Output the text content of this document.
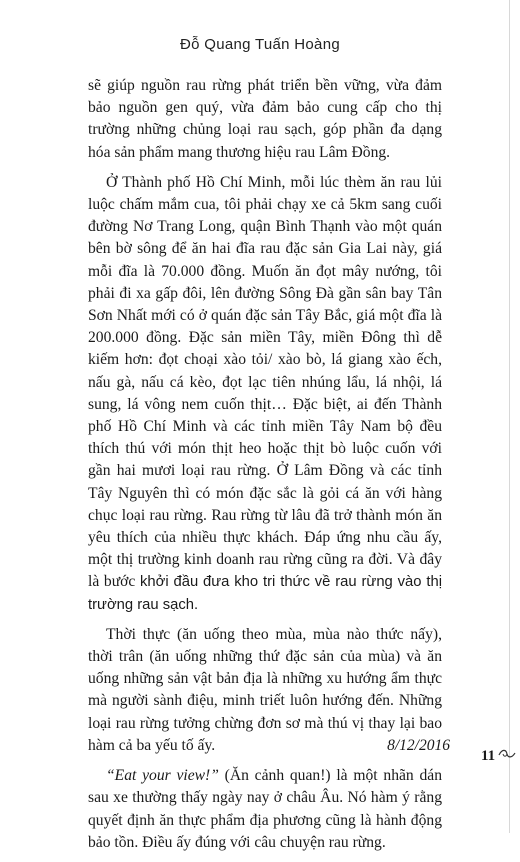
Đỗ Quang Tuấn Hoàng

sẽ giúp nguồn rau rừng phát triển bền vững, vừa đảm bảo nguồn gen quý, vừa đảm bảo cung cấp cho thị trường những chủng loại rau sạch, góp phần đa dạng hóa sản phẩm mang thương hiệu rau Lâm Đồng.

Ở Thành phố Hồ Chí Minh, mỗi lúc thèm ăn rau lủi luộc chấm mắm cua, tôi phải chạy xe cả 5km sang cuối đường Nơ Trang Long, quận Bình Thạnh vào một quán bên bờ sông để ăn hai đĩa rau đặc sản Gia Lai này, giá mỗi đĩa là 70.000 đồng. Muốn ăn đọt mây nướng, tôi phải đi xa gấp đôi, lên đường Sông Đà gần sân bay Tân Sơn Nhất mới có ở quán đặc sản Tây Bắc, giá một đĩa là 200.000 đồng. Đặc sản miền Tây, miền Đông thì dễ kiếm hơn: đọt choại xào tỏi/ xào bò, lá giang xào ếch, nấu gà, nấu cá kèo, đọt lạc tiên nhúng lẩu, lá nhội, lá sung, lá vông nem cuốn thịt… Đặc biệt, ai đến Thành phố Hồ Chí Minh và các tỉnh miền Tây Nam bộ đều thích thú với món thịt heo hoặc thịt bò luộc cuốn với gần hai mươi loại rau rừng. Ở Lâm Đồng và các tỉnh Tây Nguyên thì có món đặc sắc là gỏi cá ăn với hàng chục loại rau rừng. Rau rừng từ lâu đã trở thành món ăn yêu thích của nhiều thực khách. Đáp ứng nhu cầu ấy, một thị trường kinh doanh rau rừng cũng ra đời. Và đây là bước khởi đầu đưa kho tri thức về rau rừng vào thị trường rau sạch.

Thời thực (ăn uống theo mùa, mùa nào thức nấy), thời trân (ăn uống những thứ đặc sản của mùa) và ăn uống những sản vật bản địa là những xu hướng ẩm thực mà người sành điệu, minh triết luôn hướng đến. Những loại rau rừng tưởng chừng đơn sơ mà thú vị thay lại bao hàm cả ba yếu tố ấy.

“Eat your view!” (Ăn cảnh quan!) là một nhãn dán sau xe thường thấy ngày nay ở châu Âu. Nó hàm ý rằng quyết định ăn thực phẩm địa phương cũng là hành động bảo tồn. Điều ấy đúng với câu chuyện rau rừng.

8/12/2016
11
